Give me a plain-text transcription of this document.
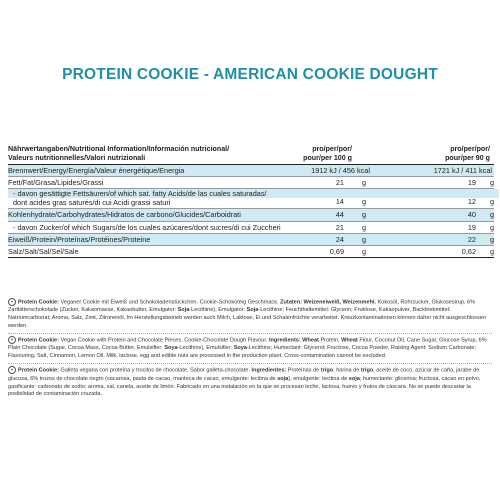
PROTEIN COOKIE - AMERICAN COOKIE DOUGHT
Nährwertangaben/Nutritional Information/Información nutricional/
Valeurs nutritionnelles/Valori nutrizionali
pro/per/por/
pour/per 100 g
pro/per/por/
pour/per 90 g
Brennwert/Energy/Energía/Valeur énergétique/Energia	1912 kJ / 456 kcal	1721 kJ / 411 kcal
Fett/Fat/Grasa/Lipides/Grassi	21 g	19 g
- davon gesättigte Fettsäuren/of which sat. fatty Acids/de las cuales saturadas/
dont acides gras saturés/di cui Acidi grassi saturi	14 g	12 g
Kohlenhydrate/Carbohydrates/Hidratos de carbono/Glucides/Carboidrati	44 g	40 g
- davon Zucker/of which Sugars/de los cuales azúcares/dont sucres/di cui Zuccheri	21 g	19 g
Eiweiß/Protein/Proteínas/Protéines/Proteine	24 g	22 g
Salz/Salt/Sal/Sel/Sale	0,69 g	0,62 g
✦ Protein Cookie: Veganer Cookie mit Eiweiß und Schokoladenstückchen. Cookie-Schokoteig Geschmack. Zutaten: Weizeneiweiß, Weizenmehl, Kokosöl, Rohrzucker, Glukosesirup, 6% Zartbitterschokolade (Zucker, Kakaomasse, Kakaobutter, Emulgator: Soja-Lecithine), Emulgator: Soja-Lecithine; Feuchthaltemittel: Glycerin; Fruktose, Kakaopulver, Backtriebmittel: Natriumcarbonat; Aroma, Salz, Zimt, Zitronenöl. Im Herstellungsbetrieb werden auch Milch, Laktose, Ei und Schalenfrüchte verarbeitet. Kreuzkontaminationen können daher nicht ausgeschlossen werden.
✦ Protein Cookie: Vegan Cookie with Protein and Chocolate Pieces. Cookie-Chocolate Dough Flavour. Ingredients: Wheat Protein, Wheat Flour, Coconut Oil, Cane Sugar, Glucose Syrup, 6% Plain Chocolate (Sugar, Cocoa Mass, Cocoa Butter, Emulsifier: Soya-Lecithins), Emulsifier: Soya-Lecithins; Humectant: Glycerol; Fructose, Cocoa Powder, Raising Agent: Sodium Carbonate; Flavouring, Salt, Cinnamon, Lemon Oil. Milk, lactose, egg and edible nuts are processed in the production plant. Cross-contamination cannot be excluded.
✦ Protein Cookie: Galleta vegana con proteína y trocitos de chocolate. Sabor galleta-chocolate. Ingredientes: Proteínas de trigo, harina de trigo, aceite de coco, azúcar de caña, jarabe de glucosa, 6% trozos de chocolate negro (sacarosa, pasta de cacao, manteca de cacao, emulgente: lecitina de soja), emulgente: lecitina de soja; humectante: glicerina; fructosa, cacao en polvo, gasificante: carbonato de sodio; aroma, sal, canela, aceite de limón. Fabricado en una instalación en la que se procesan leche, lactosa, huevo y frutos de cáscara. No se puede descartar la posibilidad de contaminación cruzada.
